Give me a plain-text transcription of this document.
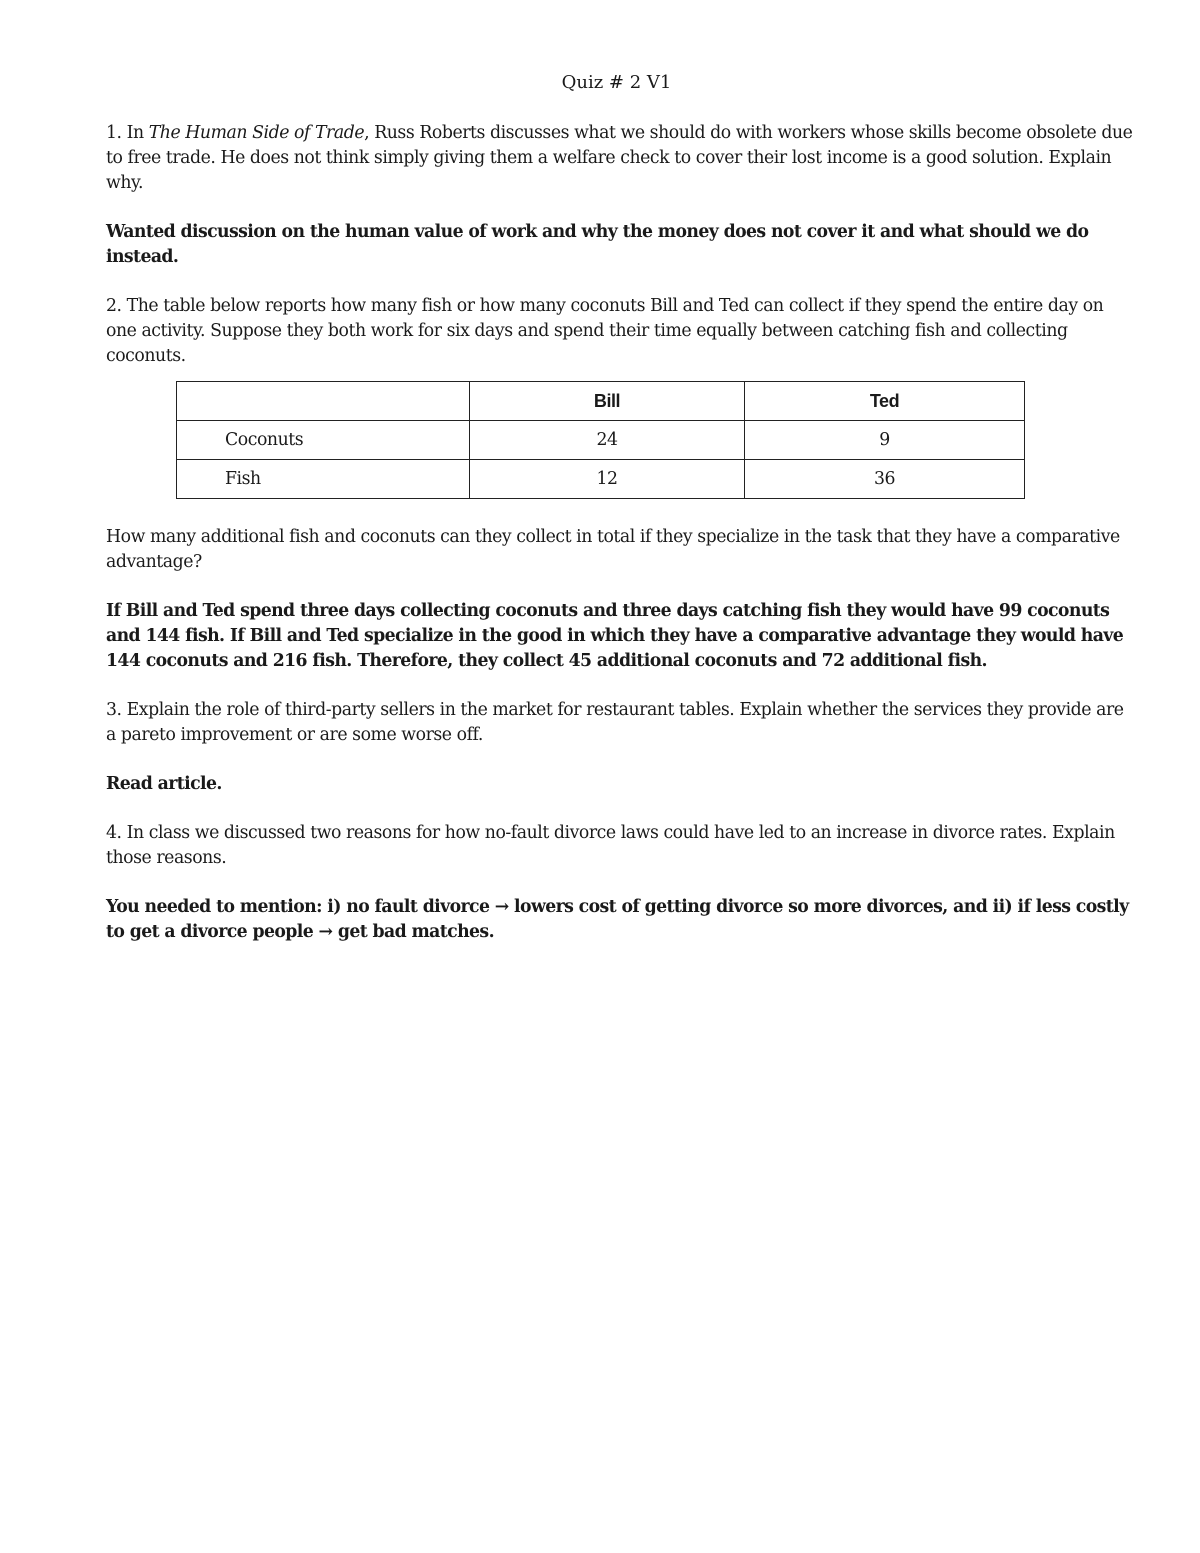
Quiz # 2 V1

1. In The Human Side of Trade, Russ Roberts discusses what we should do with workers whose skills become obsolete due to free trade. He does not think simply giving them a welfare check to cover their lost income is a good solution. Explain why.

Wanted discussion on the human value of work and why the money does not cover it and what should we do instead.

2. The table below reports how many fish or how many coconuts Bill and Ted can collect if they spend the entire day on one activity. Suppose they both work for six days and spend their time equally between catching fish and collecting coconuts.

	Bill	Ted
Coconuts	24	9
Fish	12	36

How many additional fish and coconuts can they collect in total if they specialize in the task that they have a comparative advantage?

If Bill and Ted spend three days collecting coconuts and three days catching fish they would have 99 coconuts and 144 fish. If Bill and Ted specialize in the good in which they have a comparative advantage they would have 144 coconuts and 216 fish. Therefore, they collect 45 additional coconuts and 72 additional fish.

3. Explain the role of third-party sellers in the market for restaurant tables. Explain whether the services they provide are a pareto improvement or are some worse off.

Read article.

4. In class we discussed two reasons for how no-fault divorce laws could have led to an increase in divorce rates. Explain those reasons.

You needed to mention: i) no fault divorce → lowers cost of getting divorce so more divorces, and ii) if less costly to get a divorce people → get bad matches.
